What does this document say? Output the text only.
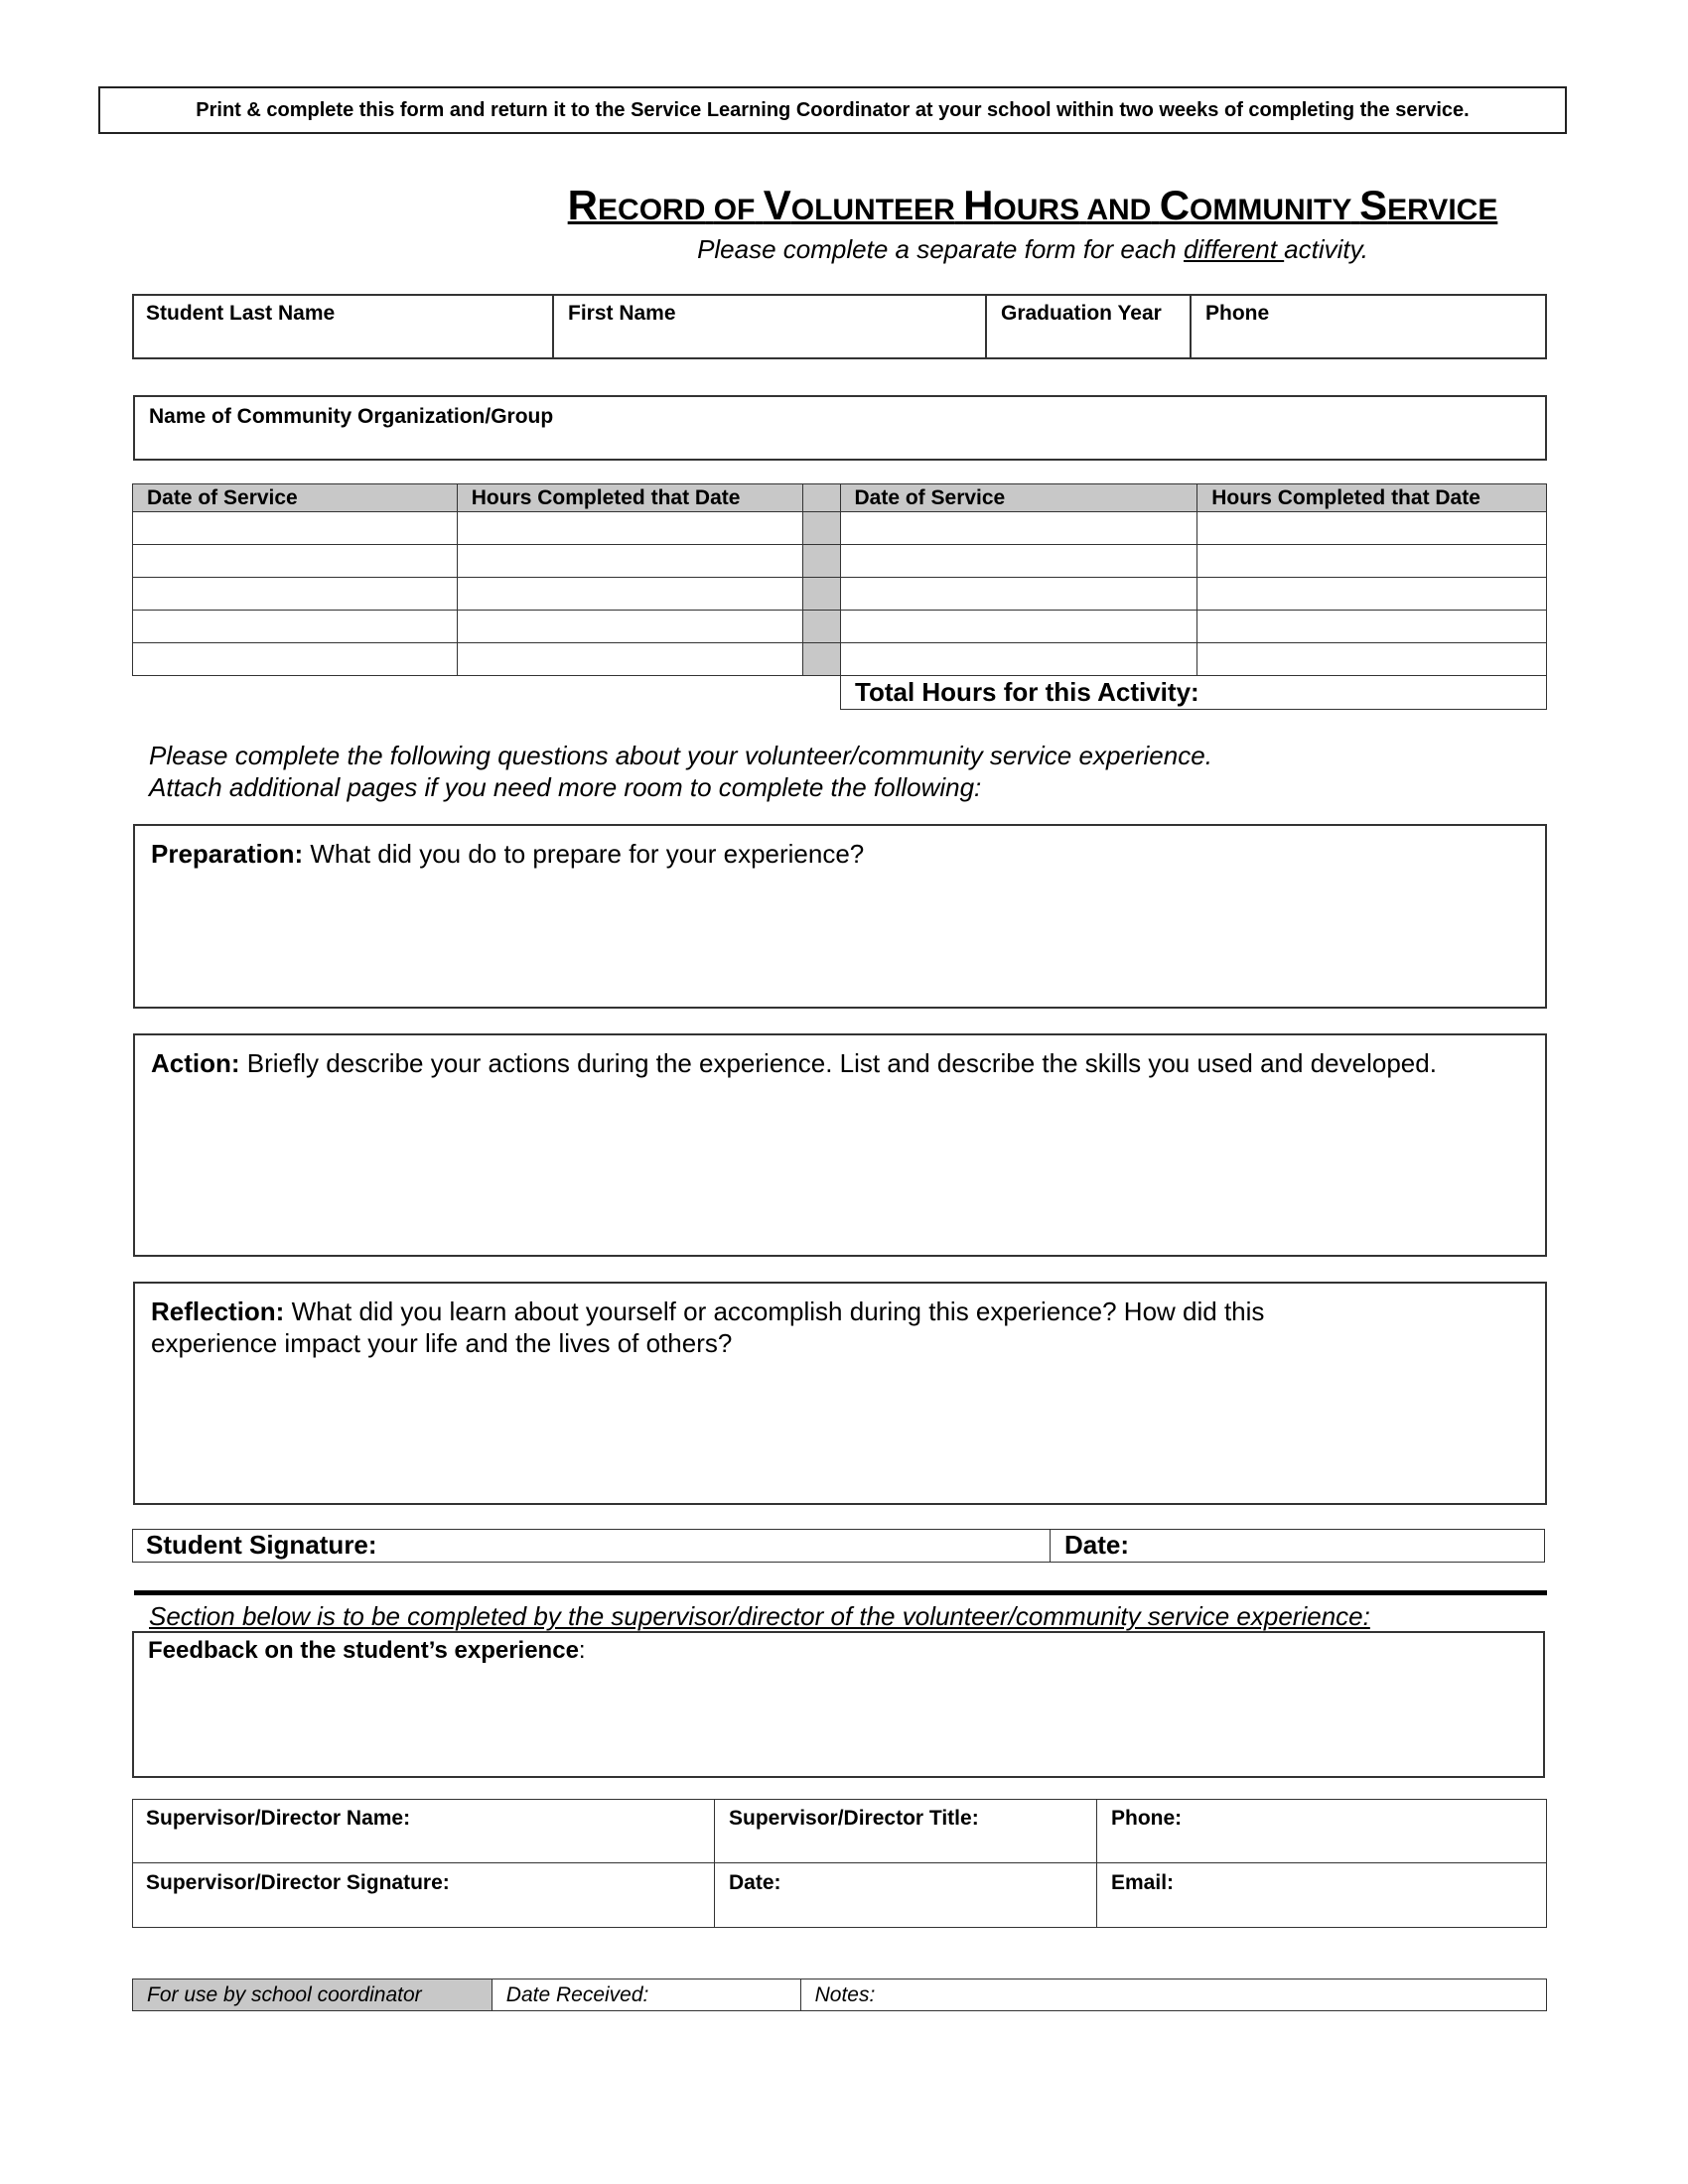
Print & complete this form and return it to the Service Learning Coordinator at your school within two weeks of completing the service.
RECORD OF VOLUNTEER HOURS AND COMMUNITY SERVICE
Please complete a separate form for each different activity.
Student Last Name	First Name	Graduation Year	Phone
Name of Community Organization/Group
Date of Service	Hours Completed that Date		Date of Service	Hours Completed that Date

Total Hours for this Activity:
Please complete the following questions about your volunteer/community service experience.
Attach additional pages if you need more room to complete the following:
Preparation: What did you do to prepare for your experience?
Action: Briefly describe your actions during the experience. List and describe the skills you used and developed.
Reflection: What did you learn about yourself or accomplish during this experience? How did this experience impact your life and the lives of others?
Student Signature:	Date:
Section below is to be completed by the supervisor/director of the volunteer/community service experience:
Feedback on the student’s experience:
Supervisor/Director Name:	Supervisor/Director Title:	Phone:
Supervisor/Director Signature:	Date:	Email:
For use by school coordinator	Date Received:	Notes:
